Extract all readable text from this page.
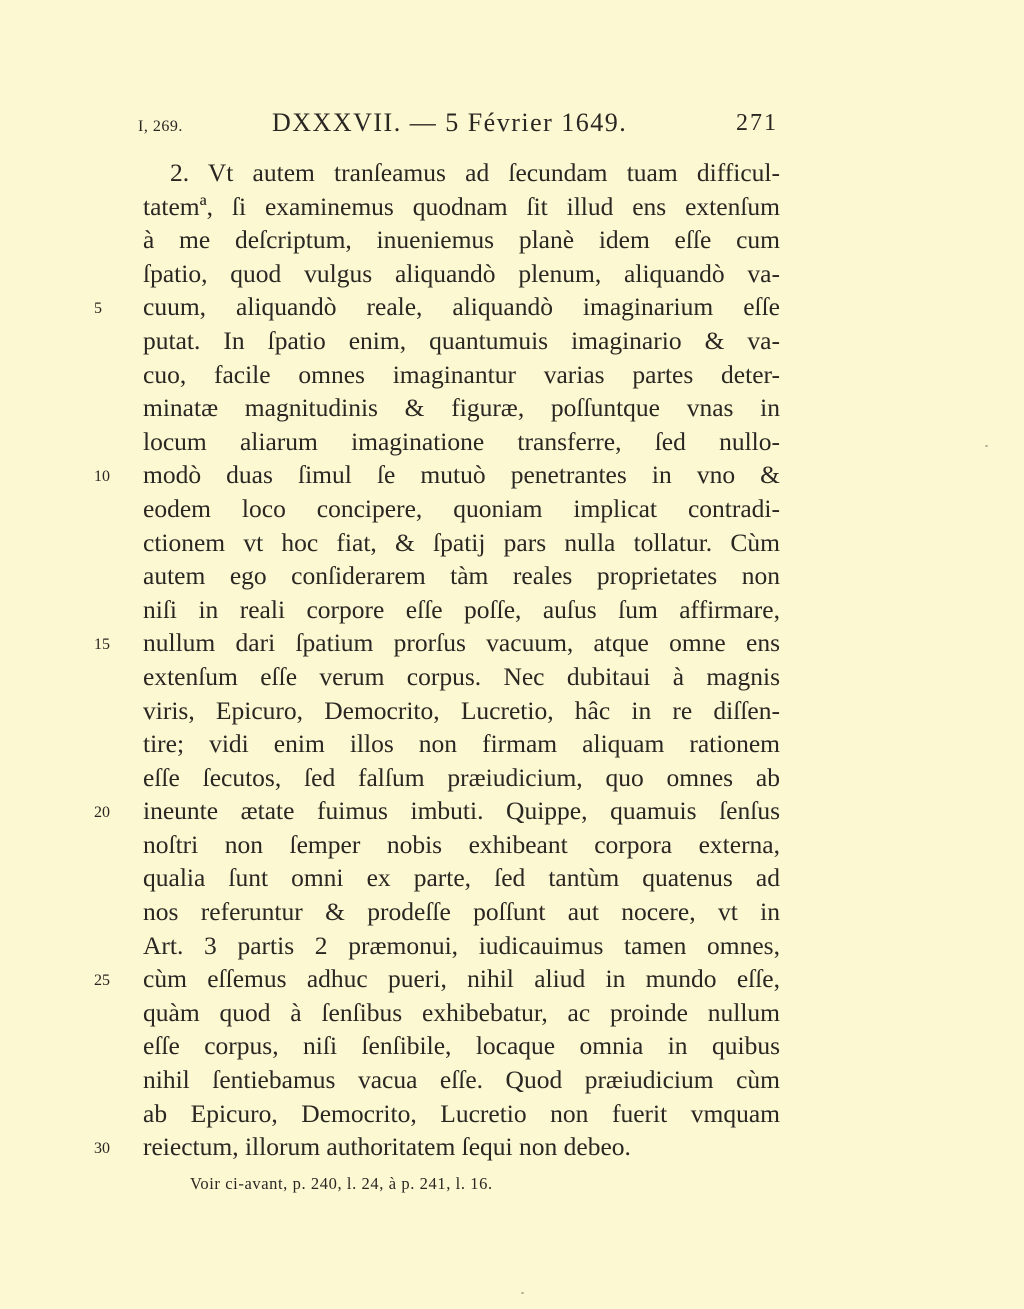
I, 269.	DXXXVII. — 5 Février 1649.	271
2. Vt autem tranſeamus ad ſecundam tuam difficul-
tatemª, ſi examinemus quodnam ſit illud ens extenſum
à me deſcriptum, inueniemus planè idem eſſe cum
ſpatio, quod vulgus aliquandò plenum, aliquandò va-
5	cuum, aliquandò reale, aliquandò imaginarium eſſe
putat. In ſpatio enim, quantumuis imaginario & va-
cuo, facile omnes imaginantur varias partes deter-
minatæ magnitudinis & figuræ, poſſuntque vnas in
locum aliarum imaginatione transferre, ſed nullo-
10	modò duas ſimul ſe mutuò penetrantes in vno &
eodem loco concipere, quoniam implicat contradi-
ctionem vt hoc fiat, & ſpatij pars nulla tollatur. Cùm
autem ego conſiderarem tàm reales proprietates non
niſi in reali corpore eſſe poſſe, auſus ſum affirmare,
15	nullum dari ſpatium prorſus vacuum, atque omne ens
extenſum eſſe verum corpus. Nec dubitaui à magnis
viris, Epicuro, Democrito, Lucretio, hâc in re diſſen-
tire; vidi enim illos non firmam aliquam rationem
eſſe ſecutos, ſed falſum præiudicium, quo omnes ab
20	ineunte ætate fuimus imbuti. Quippe, quamuis ſenſus
noſtri non ſemper nobis exhibeant corpora externa,
qualia ſunt omni ex parte, ſed tantùm quatenus ad
nos referuntur & prodeſſe poſſunt aut nocere, vt in
Art. 3 partis 2 præmonui, iudicauimus tamen omnes,
25	cùm eſſemus adhuc pueri, nihil aliud in mundo eſſe,
quàm quod à ſenſibus exhibebatur, ac proinde nullum
eſſe corpus, niſi ſenſibile, locaque omnia in quibus
nihil ſentiebamus vacua eſſe. Quod præiudicium cùm
ab Epicuro, Democrito, Lucretio non fuerit vmquam
30	reiectum, illorum authoritatem ſequi non debeo.
Voir ci-avant, p. 240, l. 24, à p. 241, l. 16.
